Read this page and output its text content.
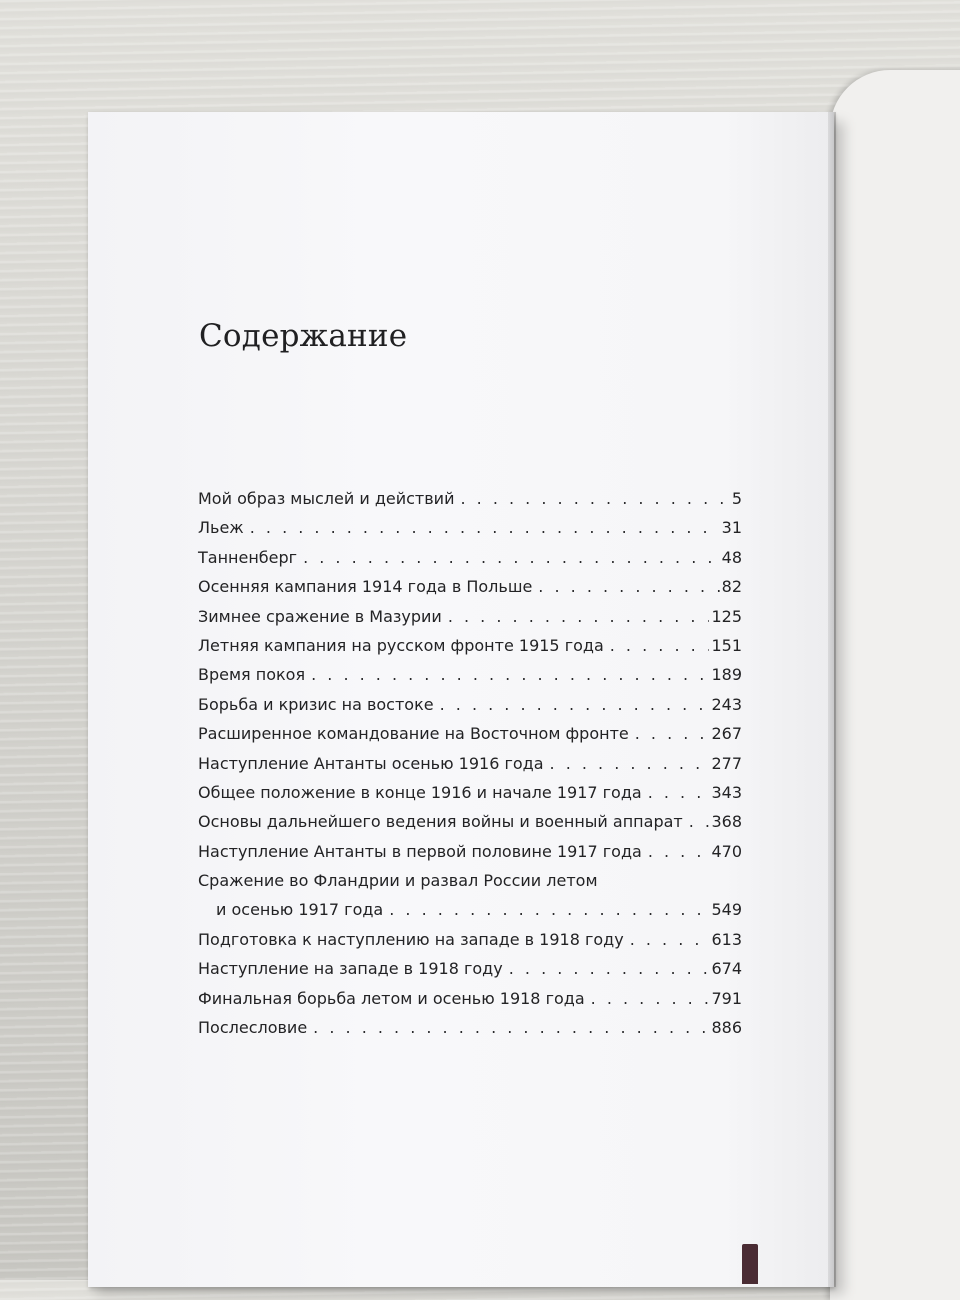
Содержание
Мой образ мыслей и действий . . .	5
Льеж . . .	31
Танненберг . . .	48
Осенняя кампания 1914 года в Польше . . .	82
Зимнее сражение в Мазурии . . .	125
Летняя кампания на русском фронте 1915 года . . .	151
Время покоя . . .	189
Борьба и кризис на востоке . . .	243
Расширенное командование на Восточном фронте . . .	267
Наступление Антанты осенью 1916 года . . .	277
Общее положение в конце 1916 и начале 1917 года . . .	343
Основы дальнейшего ведения войны и военный аппарат . . . 368
Наступление Антанты в первой половине 1917 года . . .	470
Сражение во Фландрии и развал России летом
и осенью 1917 года . . .	549
Подготовка к наступлению на западе в 1918 году . . .	613
Наступление на западе в 1918 году . . .	674
Финальная борьба летом и осенью 1918 года . . .	791
Послесловие . . .	886
